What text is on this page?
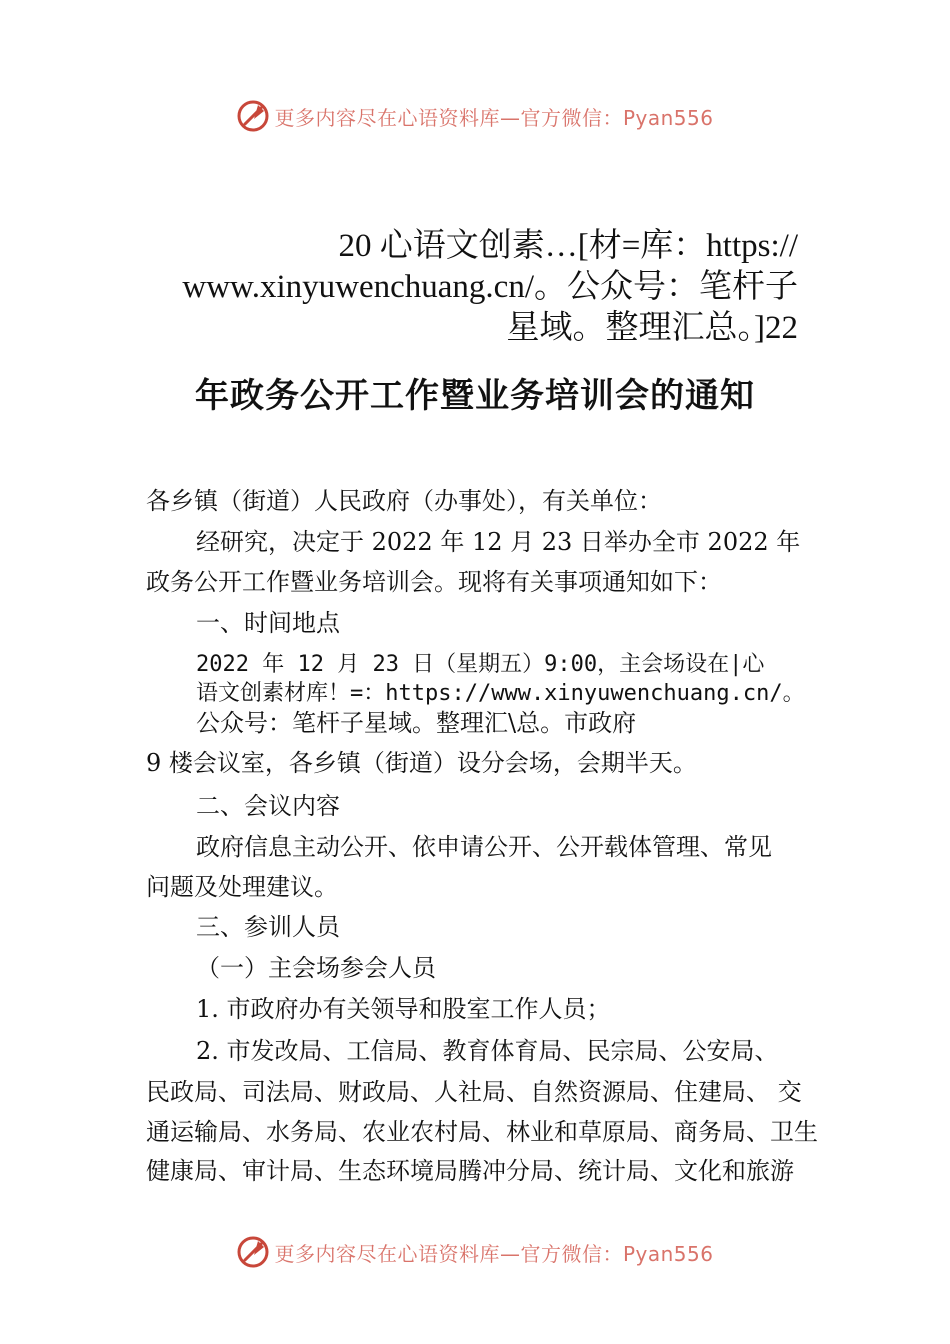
更多内容尽在心语资料库—官方微信：Pyan556
20 心语文创素…[材=库：https://
www.xinyuwenchuang.cn/。公众号：笔杆子
星域。整理汇总。]22
年政务公开工作暨业务培训会的通知
各乡镇（街道）人民政府（办事处），有关单位：
经研究，决定于 2022 年 12 月 23 日举办全市 2022 年
政务公开工作暨业务培训会。现将有关事项通知如下：
一、时间地点
2022 年 12 月 23 日（星期五）9:00，主会场设在|心
语文创素材库！=：https://www.xinyuwenchuang.cn/。
公众号：笔杆子星域。整理汇\总。市政府
9 楼会议室，各乡镇（街道）设分会场，会期半天。
二、会议内容
政府信息主动公开、依申请公开、公开载体管理、常见
问题及处理建议。
三、参训人员
（一）主会场参会人员
1. 市政府办有关领导和股室工作人员；
2. 市发改局、工信局、教育体育局、民宗局、公安局、
民政局、司法局、财政局、人社局、自然资源局、住建局、 交
通运输局、水务局、农业农村局、林业和草原局、商务局、卫生
健康局、审计局、生态环境局腾冲分局、统计局、文化和旅游
更多内容尽在心语资料库—官方微信：Pyan556
